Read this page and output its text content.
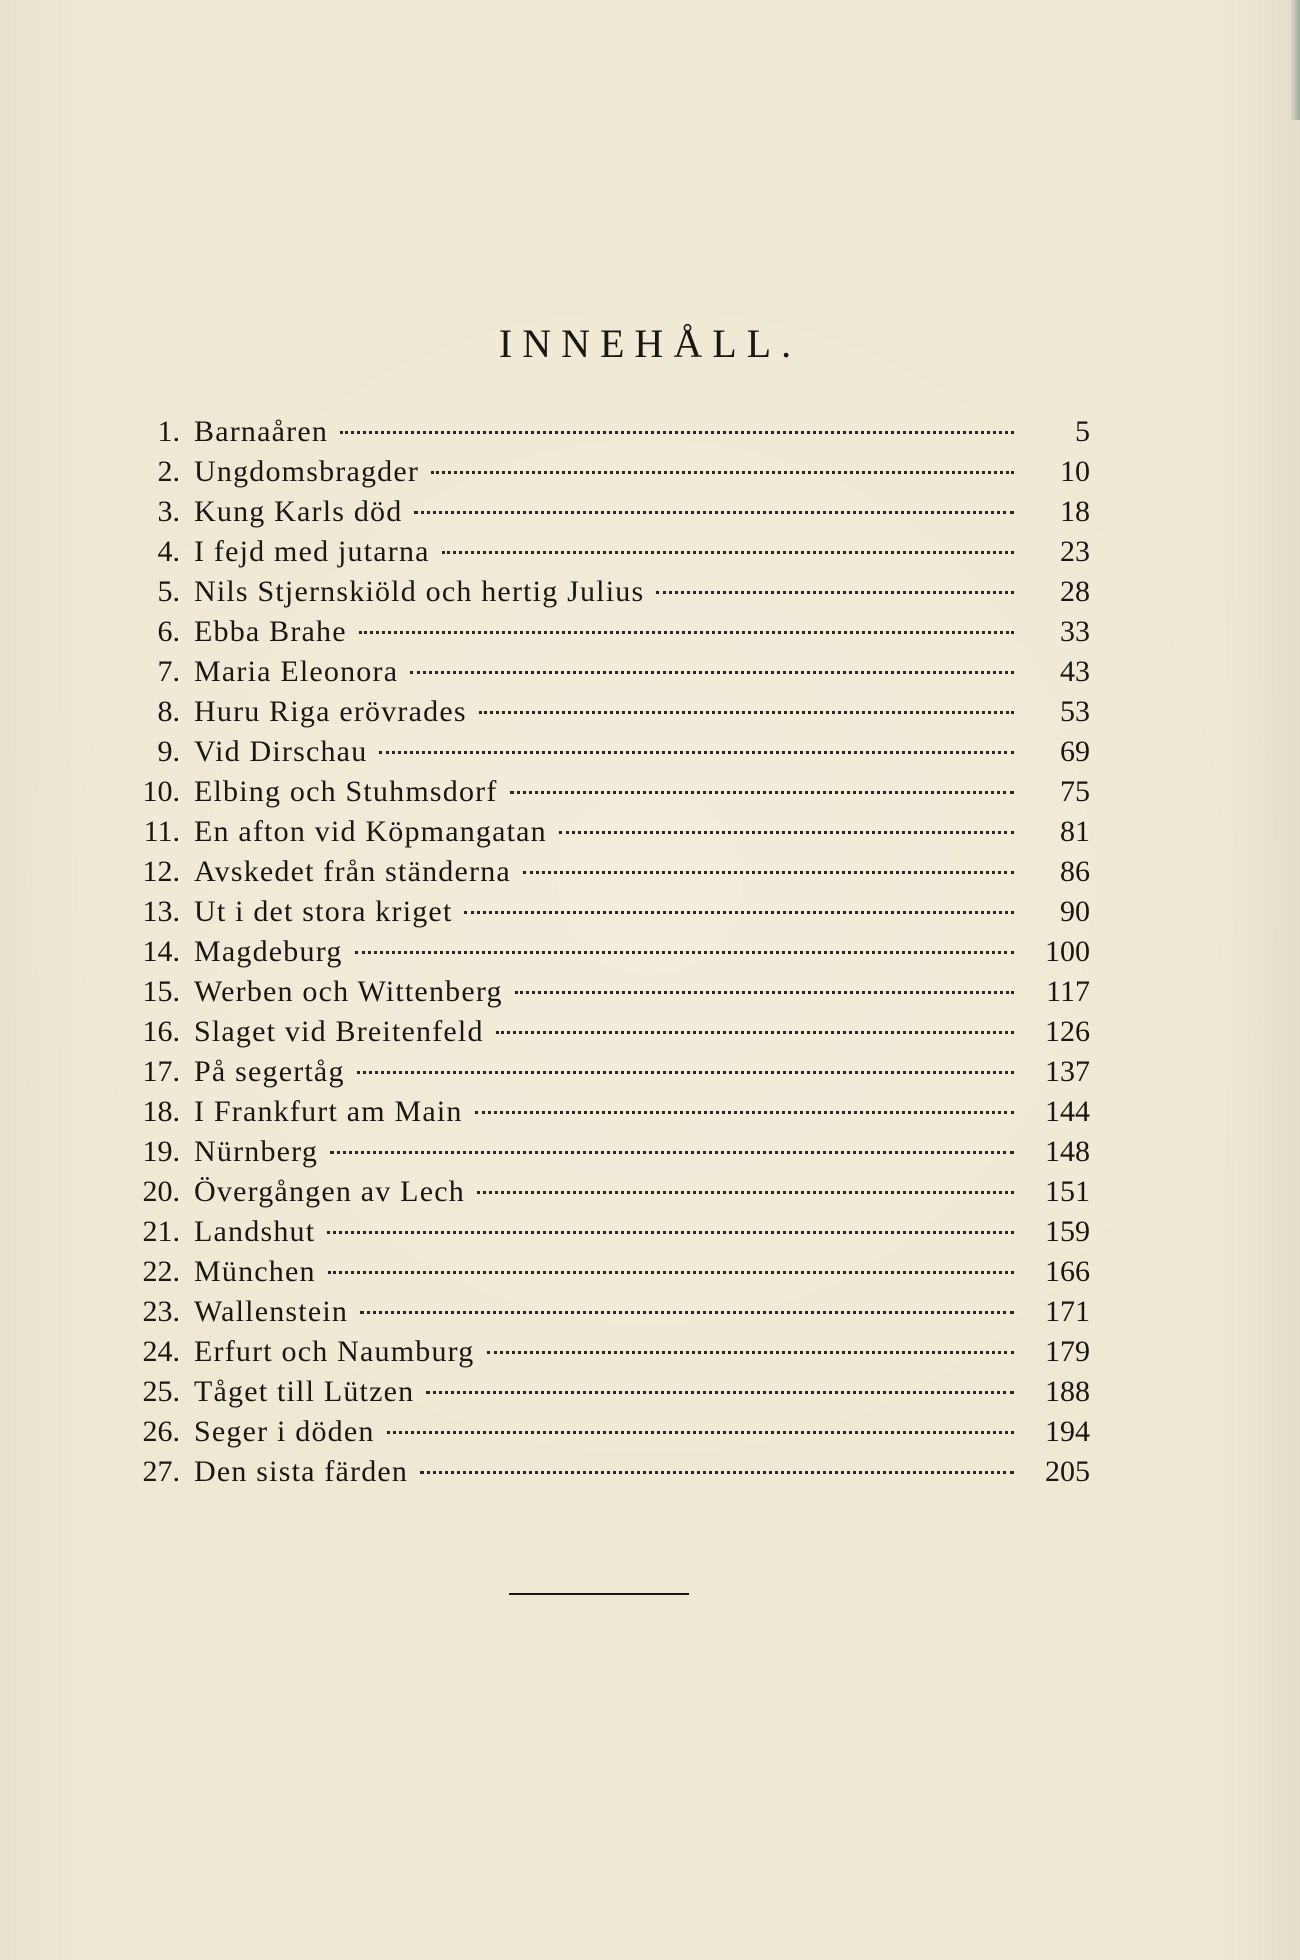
INNEHÅLL.
1. Barnaåren	5
2. Ungdomsbragder	10
3. Kung Karls död	18
4. I fejd med jutarna	23
5. Nils Stjernskiöld och hertig Julius	28
6. Ebba Brahe	33
7. Maria Eleonora	43
8. Huru Riga erövrades	53
9. Vid Dirschau	69
10. Elbing och Stuhmsdorf	75
11. En afton vid Köpmangatan	81
12. Avskedet från ständerna	86
13. Ut i det stora kriget	90
14. Magdeburg	100
15. Werben och Wittenberg	117
16. Slaget vid Breitenfeld	126
17. På segertåg	137
18. I Frankfurt am Main	144
19. Nürnberg	148
20. Övergången av Lech	151
21. Landshut	159
22. München	166
23. Wallenstein	171
24. Erfurt och Naumburg	179
25. Tåget till Lützen	188
26. Seger i döden	194
27. Den sista färden	205
